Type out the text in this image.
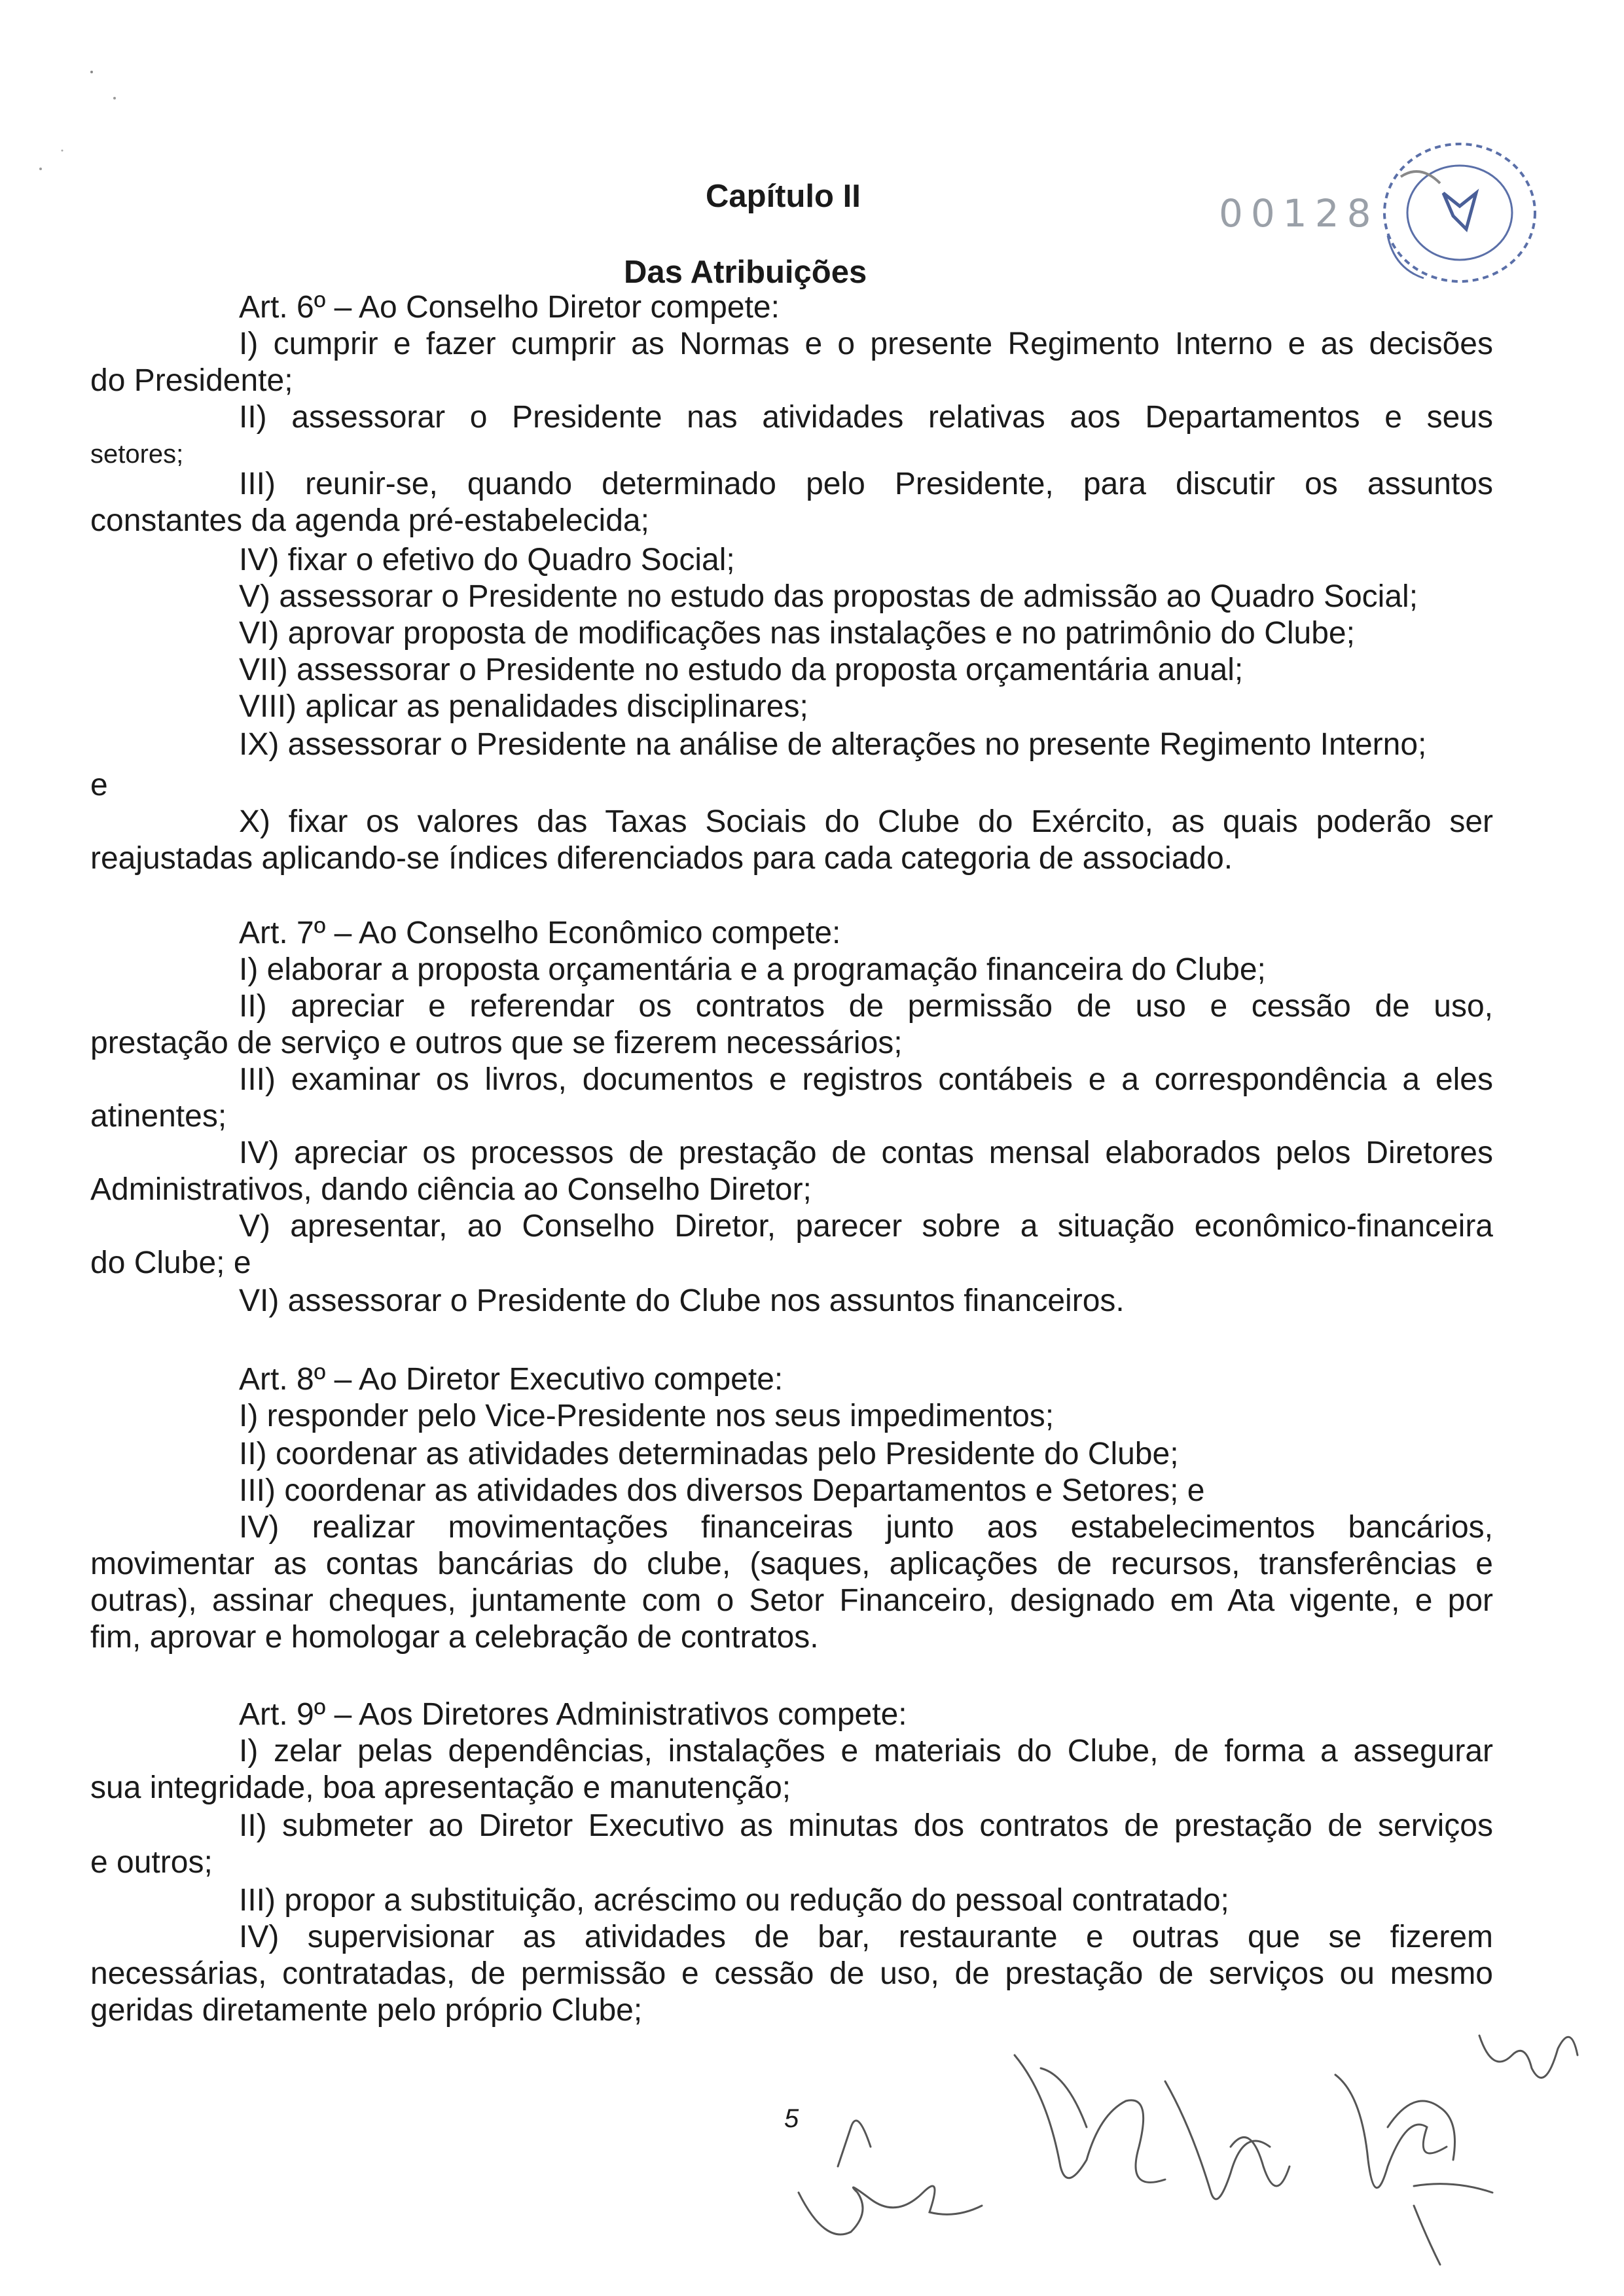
Capítulo II	00128
Das Atribuições
Art. 6º – Ao Conselho Diretor compete:
I) cumprir e fazer cumprir as Normas e o presente Regimento Interno e as decisões
do Presidente;
II) assessorar o Presidente nas atividades relativas aos Departamentos e seus
setores;
III) reunir-se, quando determinado pelo Presidente, para discutir os assuntos
constantes da agenda pré-estabelecida;
IV) fixar o efetivo do Quadro Social;
V) assessorar o Presidente no estudo das propostas de admissão ao Quadro Social;
VI) aprovar proposta de modificações nas instalações e no patrimônio do Clube;
VII) assessorar o Presidente no estudo da proposta orçamentária anual;
VIII) aplicar as penalidades disciplinares;
IX) assessorar o Presidente na análise de alterações no presente Regimento Interno;
e
X) fixar os valores das Taxas Sociais do Clube do Exército, as quais poderão ser
reajustadas aplicando-se índices diferenciados para cada categoria de associado.
Art. 7º – Ao Conselho Econômico compete:
I) elaborar a proposta orçamentária e a programação financeira do Clube;
II) apreciar e referendar os contratos de permissão de uso e cessão de uso,
prestação de serviço e outros que se fizerem necessários;
III) examinar os livros, documentos e registros contábeis e a correspondência a eles
atinentes;
IV) apreciar os processos de prestação de contas mensal elaborados pelos Diretores
Administrativos, dando ciência ao Conselho Diretor;
V) apresentar, ao Conselho Diretor, parecer sobre a situação econômico-financeira
do Clube; e
VI) assessorar o Presidente do Clube nos assuntos financeiros.
Art. 8º – Ao Diretor Executivo compete:
I) responder pelo Vice-Presidente nos seus impedimentos;
II) coordenar as atividades determinadas pelo Presidente do Clube;
III) coordenar as atividades dos diversos Departamentos e Setores; e
IV) realizar movimentações financeiras junto aos estabelecimentos bancários,
movimentar as contas bancárias do clube, (saques, aplicações de recursos, transferências e
outras), assinar cheques, juntamente com o Setor Financeiro, designado em Ata vigente, e por
fim, aprovar e homologar a celebração de contratos.
Art. 9º – Aos Diretores Administrativos compete:
I) zelar pelas dependências, instalações e materiais do Clube, de forma a assegurar
sua integridade, boa apresentação e manutenção;
II) submeter ao Diretor Executivo as minutas dos contratos de prestação de serviços
e outros;
III) propor a substituição, acréscimo ou redução do pessoal contratado;
IV) supervisionar as atividades de bar, restaurante e outras que se fizerem
necessárias, contratadas, de permissão e cessão de uso, de prestação de serviços ou mesmo
geridas diretamente pelo próprio Clube;
5
